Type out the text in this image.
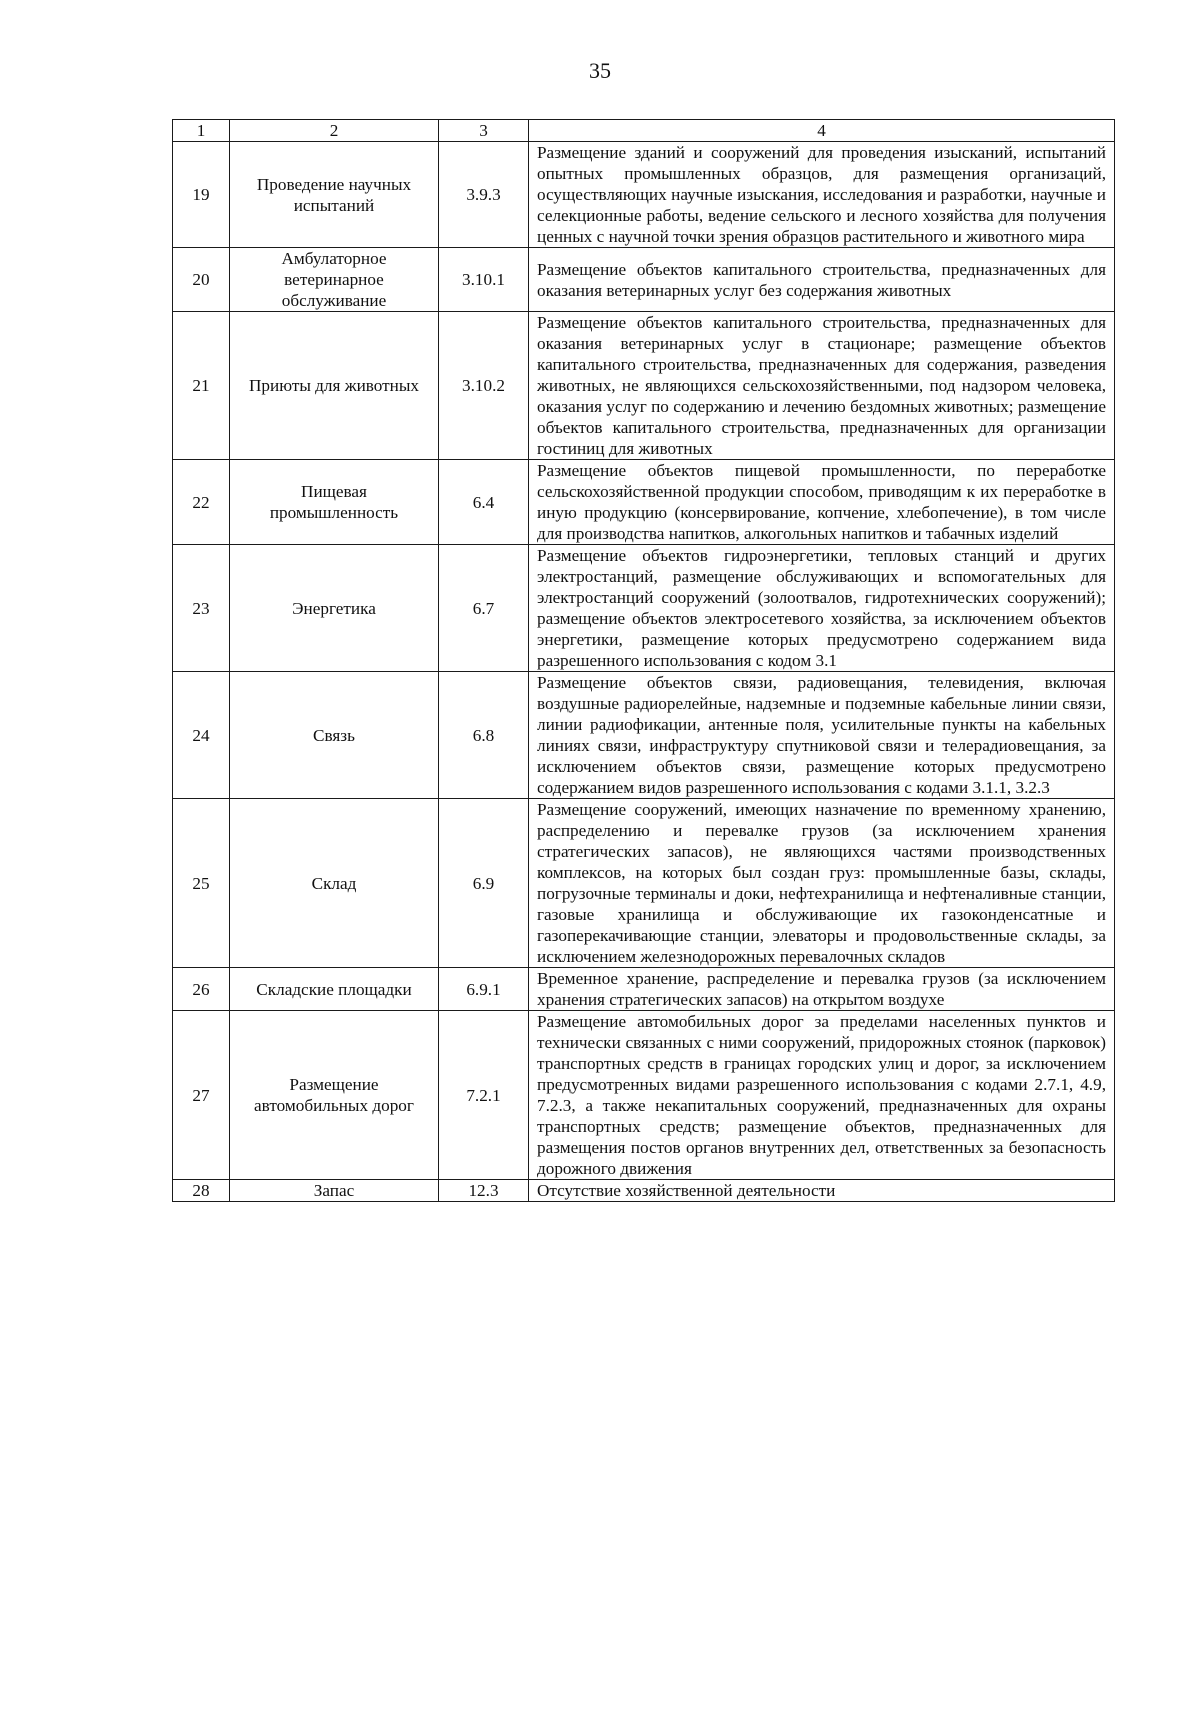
35
1	2	3	4
19	Проведение научных испытаний	3.9.3	Размещение зданий и сооружений для проведения изысканий, испытаний опытных промышленных образцов, для размещения организаций, осуществляющих научные изыскания, исследования и разработки, научные и селекционные работы, ведение сельского и лесного хозяйства для получения ценных с научной точки зрения образцов растительного и животного мира
20	Амбулаторное ветеринарное обслуживание	3.10.1	Размещение объектов капитального строительства, предназначенных для оказания ветеринарных услуг без содержания животных
21	Приюты для животных	3.10.2	Размещение объектов капитального строительства, предназначенных для оказания ветеринарных услуг в стационаре; размещение объектов капитального строительства, предназначенных для содержания, разведения животных, не являющихся сельскохозяйственными, под надзором человека, оказания услуг по содержанию и лечению бездомных животных; размещение объектов капитального строительства, предназначенных для организации гостиниц для животных
22	Пищевая промышленность	6.4	Размещение объектов пищевой промышленности, по переработке сельскохозяйственной продукции способом, приводящим к их переработке в иную продукцию (консервирование, копчение, хлебопечение), в том числе для производства напитков, алкогольных напитков и табачных изделий
23	Энергетика	6.7	Размещение объектов гидроэнергетики, тепловых станций и других электростанций, размещение обслуживающих и вспомогательных для электростанций сооружений (золоотвалов, гидротехнических сооружений); размещение объектов электросетевого хозяйства, за исключением объектов энергетики, размещение которых предусмотрено содержанием вида разрешенного использования с кодом 3.1
24	Связь	6.8	Размещение объектов связи, радиовещания, телевидения, включая воздушные радиорелейные, надземные и подземные кабельные линии связи, линии радиофикации, антенные поля, усилительные пункты на кабельных линиях связи, инфраструктуру спутниковой связи и телерадиовещания, за исключением объектов связи, размещение которых предусмотрено содержанием видов разрешенного использования с кодами 3.1.1, 3.2.3
25	Склад	6.9	Размещение сооружений, имеющих назначение по временному хранению, распределению и перевалке грузов (за исключением хранения стратегических запасов), не являющихся частями производственных комплексов, на которых был создан груз: промышленные базы, склады, погрузочные терминалы и доки, нефтехранилища и нефтеналивные станции, газовые хранилища и обслуживающие их газоконденсатные и газоперекачивающие станции, элеваторы и продовольственные склады, за исключением железнодорожных перевалочных складов
26	Складские площадки	6.9.1	Временное хранение, распределение и перевалка грузов (за исключением хранения стратегических запасов) на открытом воздухе
27	Размещение автомобильных дорог	7.2.1	Размещение автомобильных дорог за пределами населенных пунктов и технически связанных с ними сооружений, придорожных стоянок (парковок) транспортных средств в границах городских улиц и дорог, за исключением предусмотренных видами разрешенного использования с кодами 2.7.1, 4.9, 7.2.3, а также некапитальных сооружений, предназначенных для охраны транспортных средств; размещение объектов, предназначенных для размещения постов органов внутренних дел, ответственных за безопасность дорожного движения
28	Запас	12.3	Отсутствие хозяйственной деятельности
